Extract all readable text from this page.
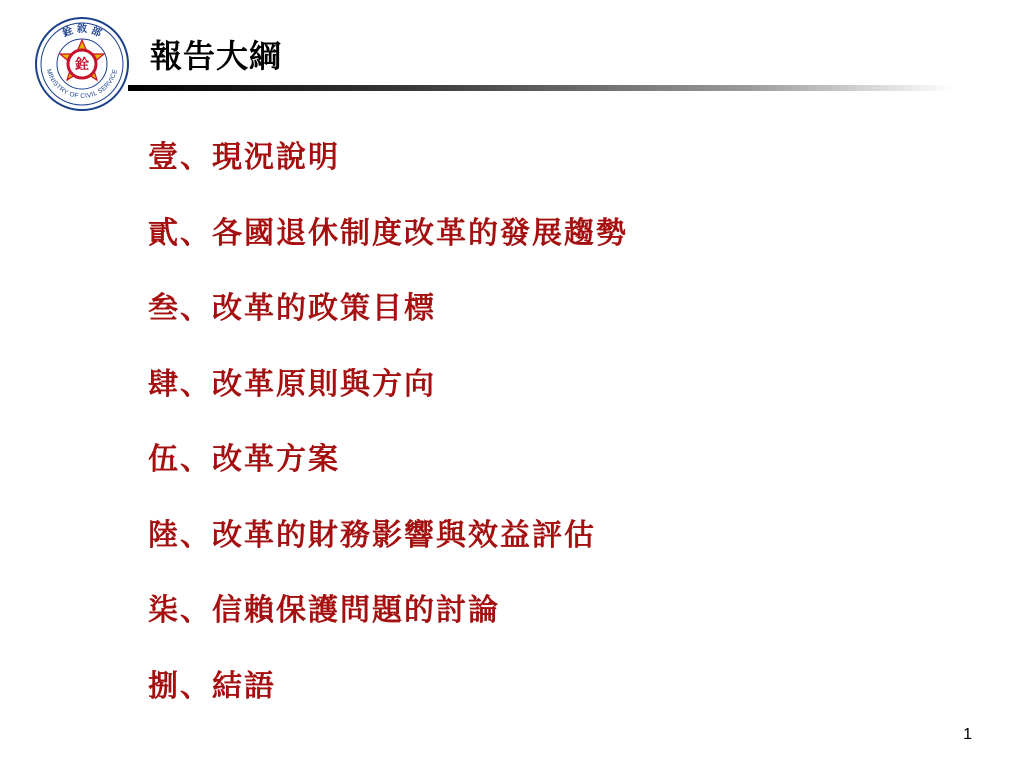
銓 敘 部
MINISTRY OF CIVIL SERVICE
銓 報告大綱
壹、現況說明
貳、各國退休制度改革的發展趨勢
叁、改革的政策目標
肆、改革原則與方向
伍、改革方案
陸、改革的財務影響與效益評估
柒、信賴保護問題的討論
捌、結語
1
